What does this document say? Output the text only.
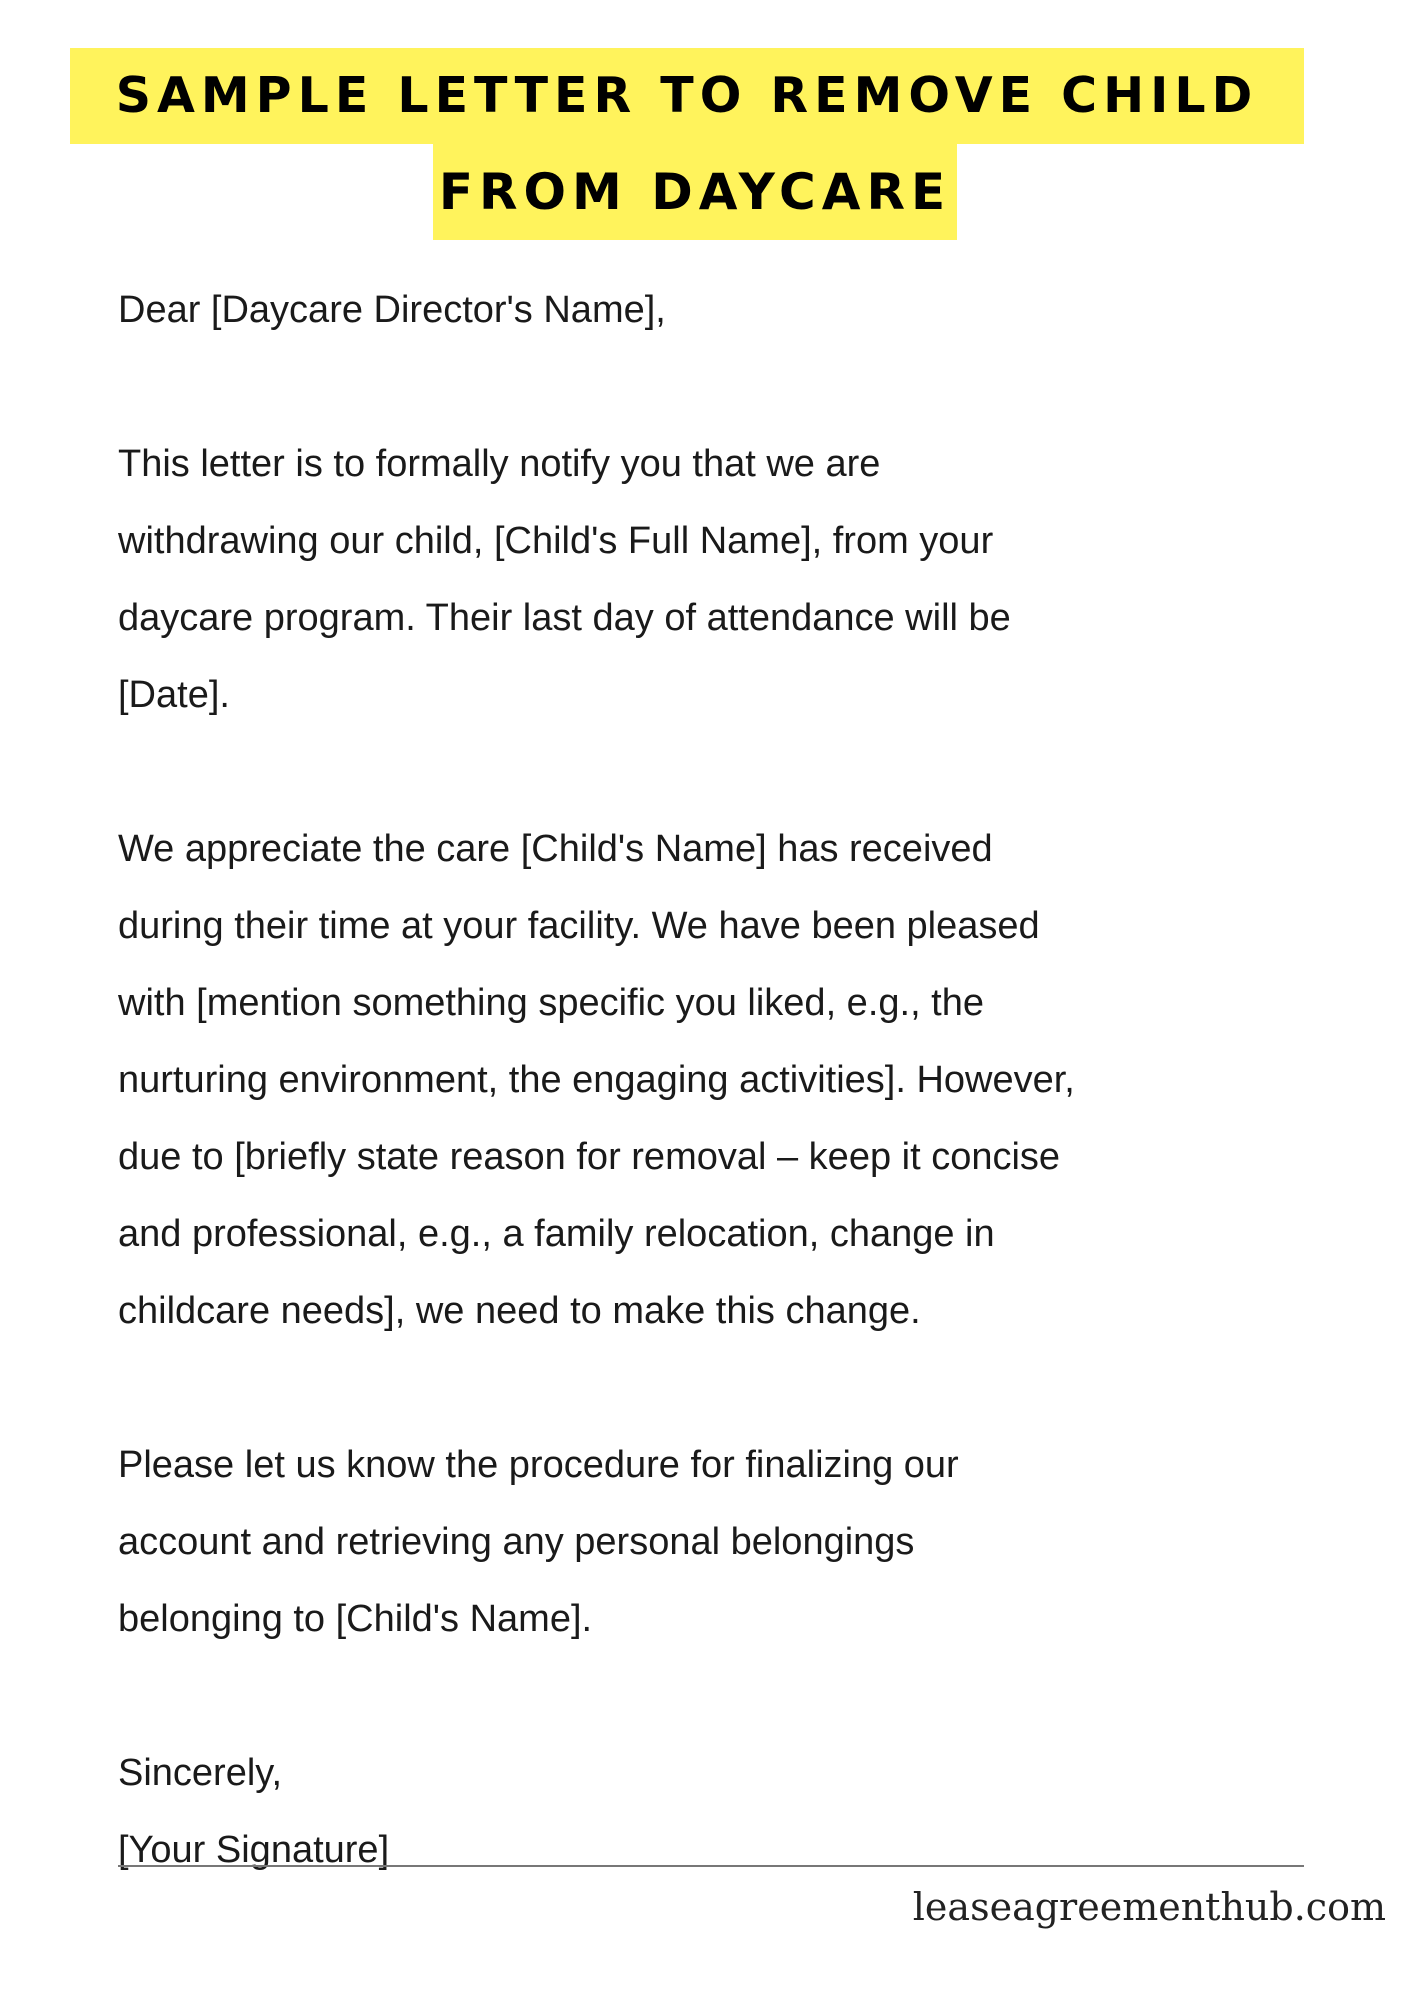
SAMPLE LETTER TO REMOVE CHILD
FROM DAYCARE

Dear [Daycare Director's Name],

This letter is to formally notify you that we are

withdrawing our child, [Child's Full Name], from your

daycare program. Their last day of attendance will be

[Date].

We appreciate the care [Child's Name] has received

during their time at your facility. We have been pleased

with [mention something specific you liked, e.g., the

nurturing environment, the engaging activities]. However,

due to [briefly state reason for removal – keep it concise

and professional, e.g., a family relocation, change in

childcare needs], we need to make this change.

Please let us know the procedure for finalizing our

account and retrieving any personal belongings

belonging to [Child's Name].

Sincerely,

[Your Signature]

leaseagreementhub.com
